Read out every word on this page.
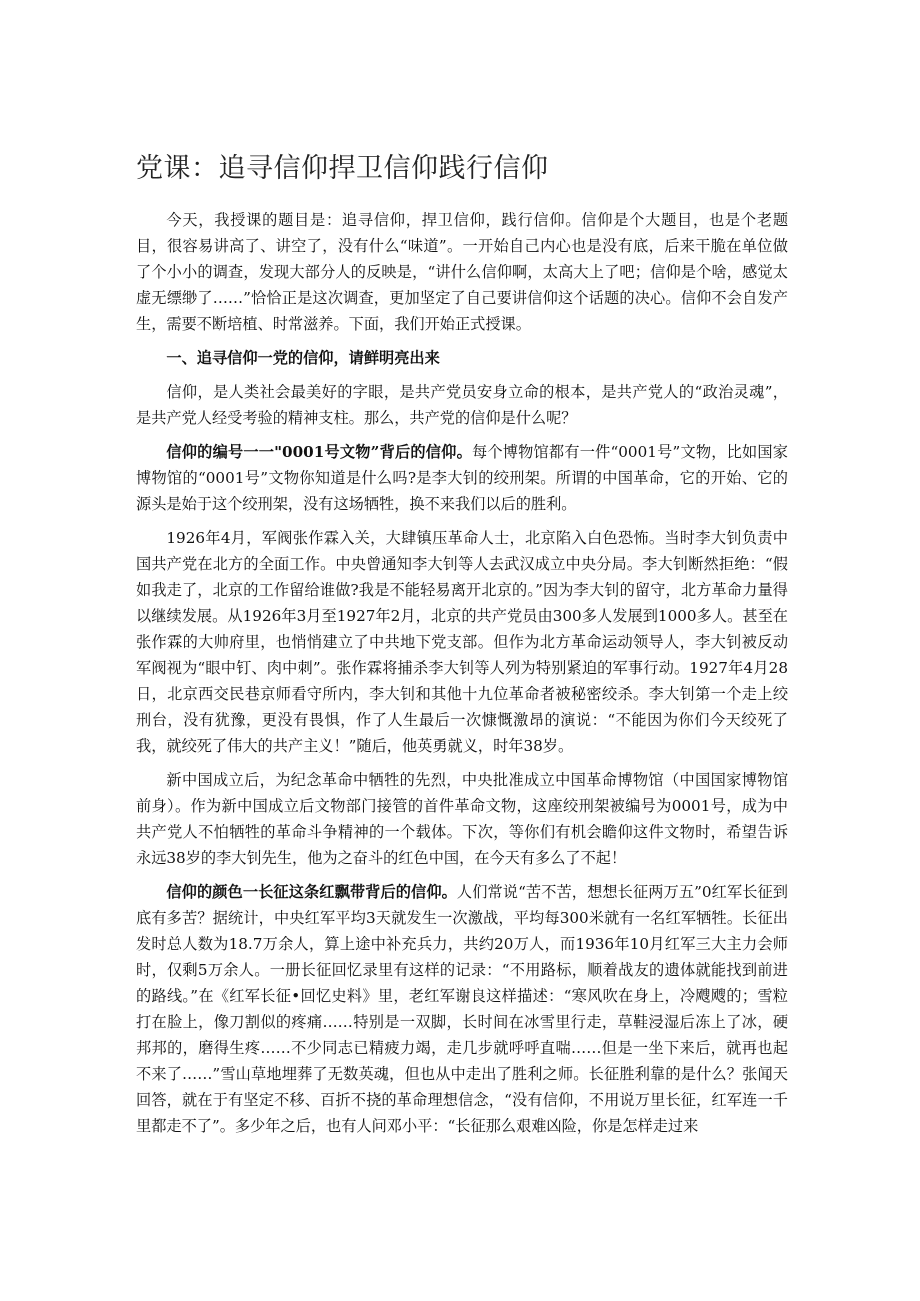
党课：追寻信仰捍卫信仰践行信仰

今天，我授课的题目是：追寻信仰，捍卫信仰，践行信仰。信仰是个大题目，也是个老题目，很容易讲高了、讲空了，没有什么“味道”。一开始自己内心也是没有底，后来干脆在单位做了个小小的调查，发现大部分人的反映是，“讲什么信仰啊，太高大上了吧；信仰是个啥，感觉太虚无缥缈了……”恰恰正是这次调查，更加坚定了自己要讲信仰这个话题的决心。信仰不会自发产生，需要不断培植、时常滋养。下面，我们开始正式授课。

一、追寻信仰一党的信仰，请鲜明亮出来

信仰，是人类社会最美好的字眼，是共产党员安身立命的根本，是共产党人的“政治灵魂”，是共产党人经受考验的精神支柱。那么，共产党的信仰是什么呢？

信仰的编号一一"0001号文物”背后的信仰。每个博物馆都有一件“0001号”文物，比如国家博物馆的“0001号”文物你知道是什么吗?是李大钊的绞刑架。所谓的中国革命，它的开始、它的源头是始于这个绞刑架，没有这场牺牲，换不来我们以后的胜利。

1926年4月，军阀张作霖入关，大肆镇压革命人士，北京陷入白色恐怖。当时李大钊负责中国共产党在北方的全面工作。中央曾通知李大钊等人去武汉成立中央分局。李大钊断然拒绝：“假如我走了，北京的工作留给谁做?我是不能轻易离开北京的。”因为李大钊的留守，北方革命力量得以继续发展。从1926年3月至1927年2月，北京的共产党员由300多人发展到1000多人。甚至在张作霖的大帅府里，也悄悄建立了中共地下党支部。但作为北方革命运动领导人，李大钊被反动军阀视为“眼中钉、肉中刺”。张作霖将捕杀李大钊等人列为特别紧迫的军事行动。1927年4月28日，北京西交民巷京师看守所内，李大钊和其他十九位革命者被秘密绞杀。李大钊第一个走上绞刑台，没有犹豫，更没有畏惧，作了人生最后一次慷慨激昂的演说：“不能因为你们今天绞死了我，就绞死了伟大的共产主义！”随后，他英勇就义，时年38岁。

新中国成立后，为纪念革命中牺牲的先烈，中央批准成立中国革命博物馆（中国国家博物馆前身）。作为新中国成立后文物部门接管的首件革命文物，这座绞刑架被编号为0001号，成为中共产党人不怕牺牲的革命斗争精神的一个载体。下次，等你们有机会瞻仰这件文物时，希望告诉永远38岁的李大钊先生，他为之奋斗的红色中国，在今天有多么了不起！

信仰的颜色一长征这条红飘带背后的信仰。人们常说“苦不苦，想想长征两万五”0红军长征到底有多苦？据统计，中央红军平均3天就发生一次激战，平均每300米就有一名红军牺牲。长征出发时总人数为18.7万余人，算上途中补充兵力，共约20万人，而1936年10月红军三大主力会师时，仅剩5万余人。一册长征回忆录里有这样的记录：“不用路标，顺着战友的遗体就能找到前进的路线。”在《红军长征•回忆史料》里，老红军谢良这样描述：“寒风吹在身上，冷飕飕的；雪粒打在脸上，像刀割似的疼痛……特别是一双脚，长时间在冰雪里行走，草鞋浸湿后冻上了冰，硬邦邦的，磨得生疼……不少同志已精疲力竭，走几步就呼呼直喘……但是一坐下来后，就再也起不来了……”雪山草地埋葬了无数英魂，但也从中走出了胜利之师。长征胜利靠的是什么？张闻天回答，就在于有坚定不移、百折不挠的革命理想信念，“没有信仰，不用说万里长征，红军连一千里都走不了”。多少年之后，也有人问邓小平：“长征那么艰难凶险，你是怎样走过来
